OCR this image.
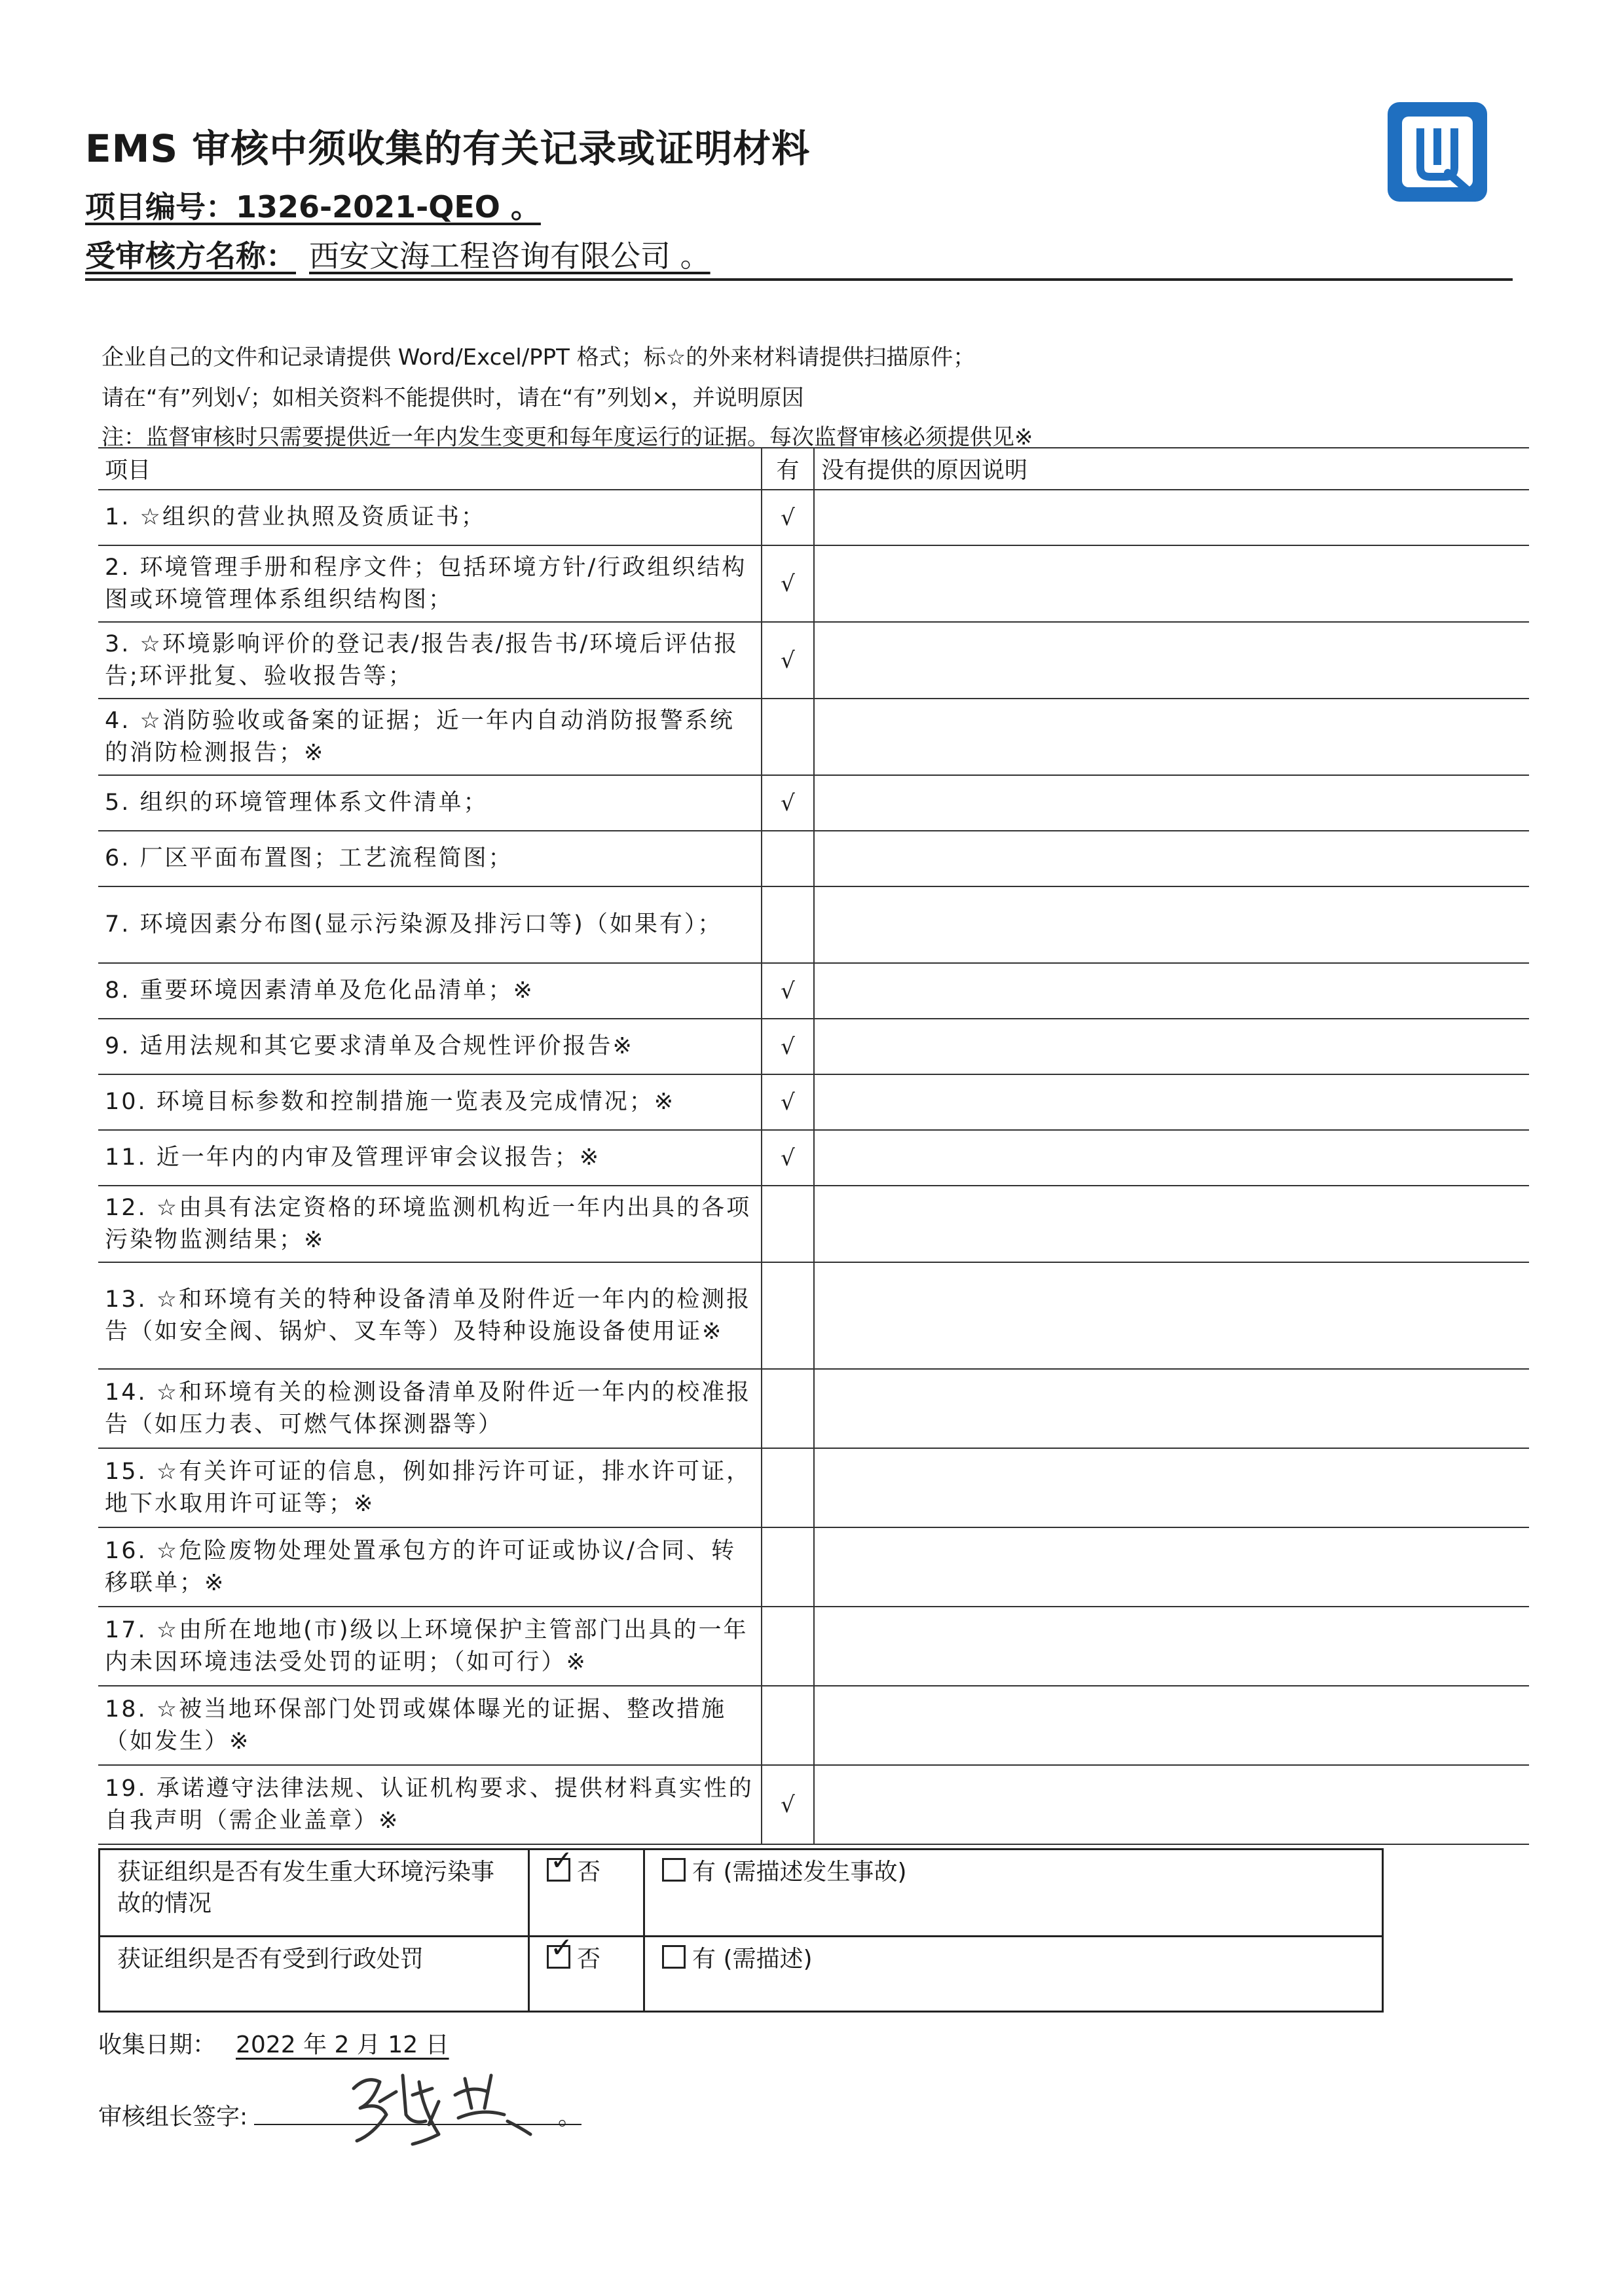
EMS 审核中须收集的有关记录或证明材料
项目编号：1326-2021-QEO 。
受审核方名称： 西安文海工程咨询有限公司 。
企业自己的文件和记录请提供 Word/Excel/PPT 格式；标☆的外来材料请提供扫描原件；
请在“有”列划√；如相关资料不能提供时，请在“有”列划×，并说明原因
注：监督审核时只需要提供近一年内发生变更和每年度运行的证据。每次监督审核必须提供见※
项目	有	没有提供的原因说明
1. ☆组织的营业执照及资质证书；	√	
2. 环境管理手册和程序文件；包括环境方针/行政组织结构图或环境管理体系组织结构图；	√	
3. ☆环境影响评价的登记表/报告表/报告书/环境后评估报告;环评批复、验收报告等；	√	
4. ☆消防验收或备案的证据；近一年内自动消防报警系统的消防检测报告；※		
5. 组织的环境管理体系文件清单；	√	
6. 厂区平面布置图；工艺流程简图；		
7. 环境因素分布图(显示污染源及排污口等)（如果有）；		
8. 重要环境因素清单及危化品清单；※	√	
9. 适用法规和其它要求清单及合规性评价报告※	√	
10. 环境目标参数和控制措施一览表及完成情况；※	√	
11. 近一年内的内审及管理评审会议报告；※	√	
12. ☆由具有法定资格的环境监测机构近一年内出具的各项污染物监测结果；※		
13. ☆和环境有关的特种设备清单及附件近一年内的检测报告（如安全阀、锅炉、叉车等）及特种设施设备使用证※		
14. ☆和环境有关的检测设备清单及附件近一年内的校准报告（如压力表、可燃气体探测器等）		
15. ☆有关许可证的信息，例如排污许可证，排水许可证，地下水取用许可证等；※		
16. ☆危险废物处理处置承包方的许可证或协议/合同、转移联单；※		
17. ☆由所在地地(市)级以上环境保护主管部门出具的一年内未因环境违法受处罚的证明；（如可行）※		
18. ☆被当地环保部门处罚或媒体曝光的证据、整改措施（如发生）※		
19. 承诺遵守法律法规、认证机构要求、提供材料真实性的自我声明（需企业盖章）※	√	
获证组织是否有发生重大环境污染事故的情况	✓否	有 (需描述发生事故)
获证组织是否有受到行政处罚	✓否	有 (需描述)
收集日期： 2022 年 2 月 12 日
审核组长签字:	。
